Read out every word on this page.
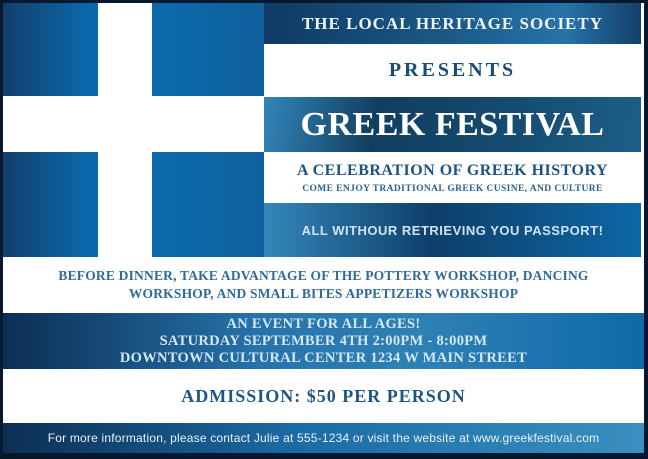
THE LOCAL HERITAGE SOCIETY
PRESENTS
GREEK FESTIVAL
A CELEBRATION OF GREEK HISTORY
COME ENJOY TRADITIONAL GREEK CUSINE, AND CULTURE
ALL WITHOUR RETRIEVING YOU PASSPORT!
BEFORE DINNER, TAKE ADVANTAGE OF THE POTTERY WORKSHOP, DANCING
WORKSHOP, AND SMALL BITES APPETIZERS WORKSHOP
AN EVENT FOR ALL AGES!
SATURDAY SEPTEMBER 4TH 2:00PM - 8:00PM
DOWNTOWN CULTURAL CENTER 1234 W MAIN STREET
ADMISSION: $50 PER PERSON
For more information, please contact Julie at 555-1234 or visit the website at www.greekfestival.com
